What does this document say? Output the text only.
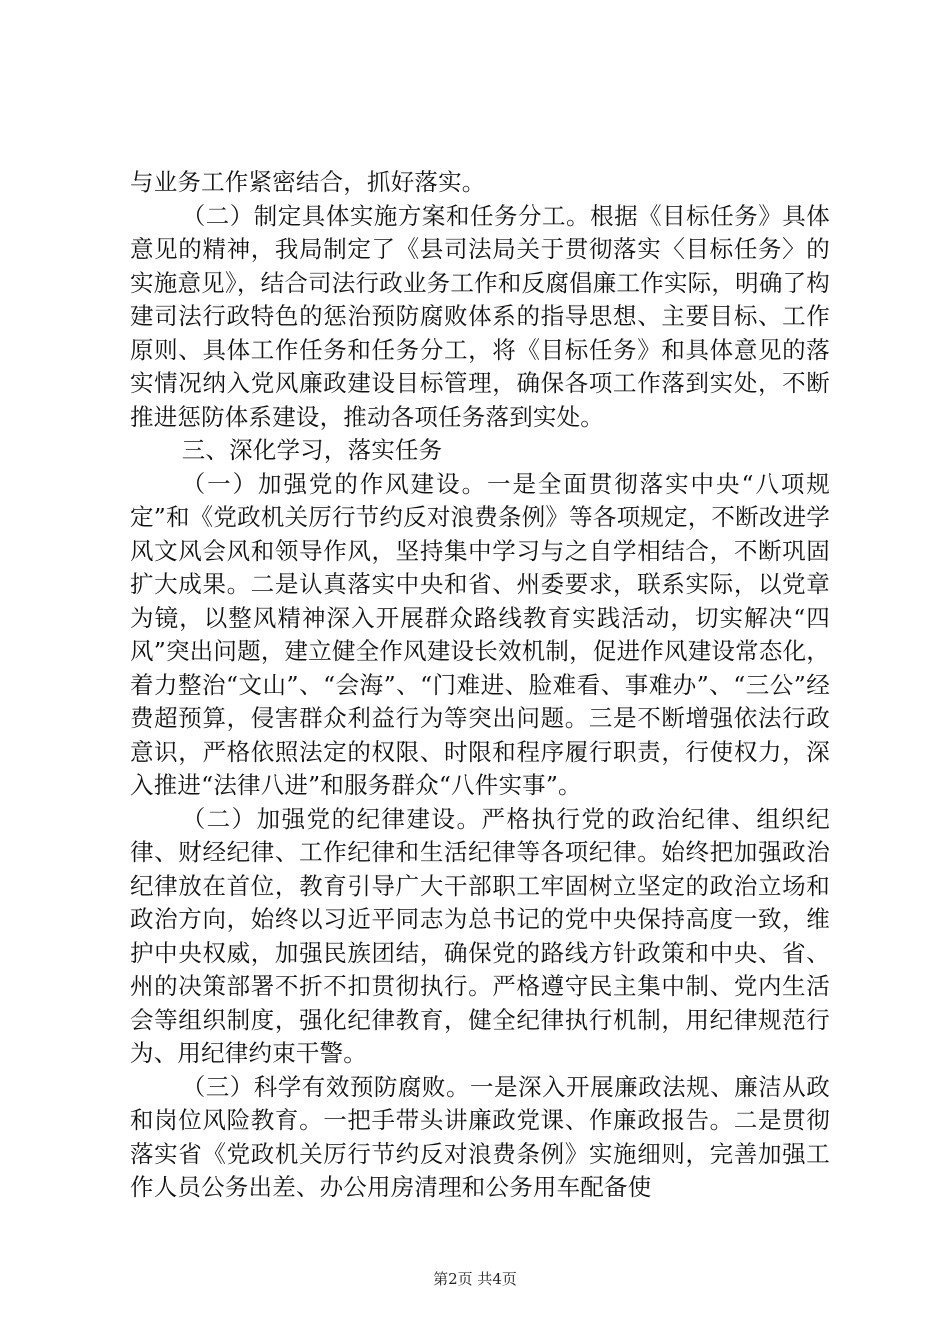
与业务工作紧密结合，抓好落实。

（二）制定具体实施方案和任务分工。根据《目标任务》具体意见的精神，我局制定了《县司法局关于贯彻落实〈目标任务〉的实施意见》，结合司法行政业务工作和反腐倡廉工作实际，明确了构建司法行政特色的惩治预防腐败体系的指导思想、主要目标、工作原则、具体工作任务和任务分工，将《目标任务》和具体意见的落实情况纳入党风廉政建设目标管理，确保各项工作落到实处，不断推进惩防体系建设，推动各项任务落到实处。

三、深化学习，落实任务

（一）加强党的作风建设。一是全面贯彻落实中央“八项规定”和《党政机关厉行节约反对浪费条例》等各项规定，不断改进学风文风会风和领导作风，坚持集中学习与之自学相结合，不断巩固扩大成果。二是认真落实中央和省、州委要求，联系实际，以党章为镜，以整风精神深入开展群众路线教育实践活动，切实解决“四风”突出问题，建立健全作风建设长效机制，促进作风建设常态化，着力整治“文山”、“会海”、“门难进、脸难看、事难办”、“三公”经费超预算，侵害群众利益行为等突出问题。三是不断增强依法行政意识，严格依照法定的权限、时限和程序履行职责，行使权力，深入推进“法律八进”和服务群众“八件实事”。

（二）加强党的纪律建设。严格执行党的政治纪律、组织纪律、财经纪律、工作纪律和生活纪律等各项纪律。始终把加强政治纪律放在首位，教育引导广大干部职工牢固树立坚定的政治立场和政治方向，始终以习近平同志为总书记的党中央保持高度一致，维护中央权威，加强民族团结，确保党的路线方针政策和中央、省、州的决策部署不折不扣贯彻执行。严格遵守民主集中制、党内生活会等组织制度，强化纪律教育，健全纪律执行机制，用纪律规范行为、用纪律约束干警。

（三）科学有效预防腐败。一是深入开展廉政法规、廉洁从政和岗位风险教育。一把手带头讲廉政党课、作廉政报告。二是贯彻落实省《党政机关厉行节约反对浪费条例》实施细则，完善加强工作人员公务出差、办公用房清理和公务用车配备使

第2页 共4页
